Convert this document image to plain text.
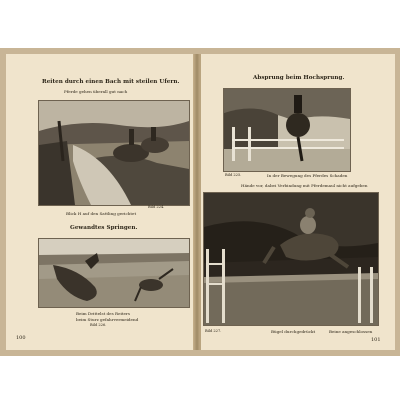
Reiten durch einen Bach mit steilen Ufern.
Pferde gehen überall gut nach
Bild 224.
Blick H auf den Sattling gerichtet
Gewandtes Springen.
Beim Drittelst des Reiters
beim Sturz gefahrvermeidend
Bild 226.
100
Absprung beim Hochsprung.
Bild 225.	In der Bewegung des Pferdes Schaden
Hände vor, dabei Verbindung mit Pferdemaul nicht aufgeben
Bild 227.	Bügel durchgedrückt	Beine angeschlossen
101
